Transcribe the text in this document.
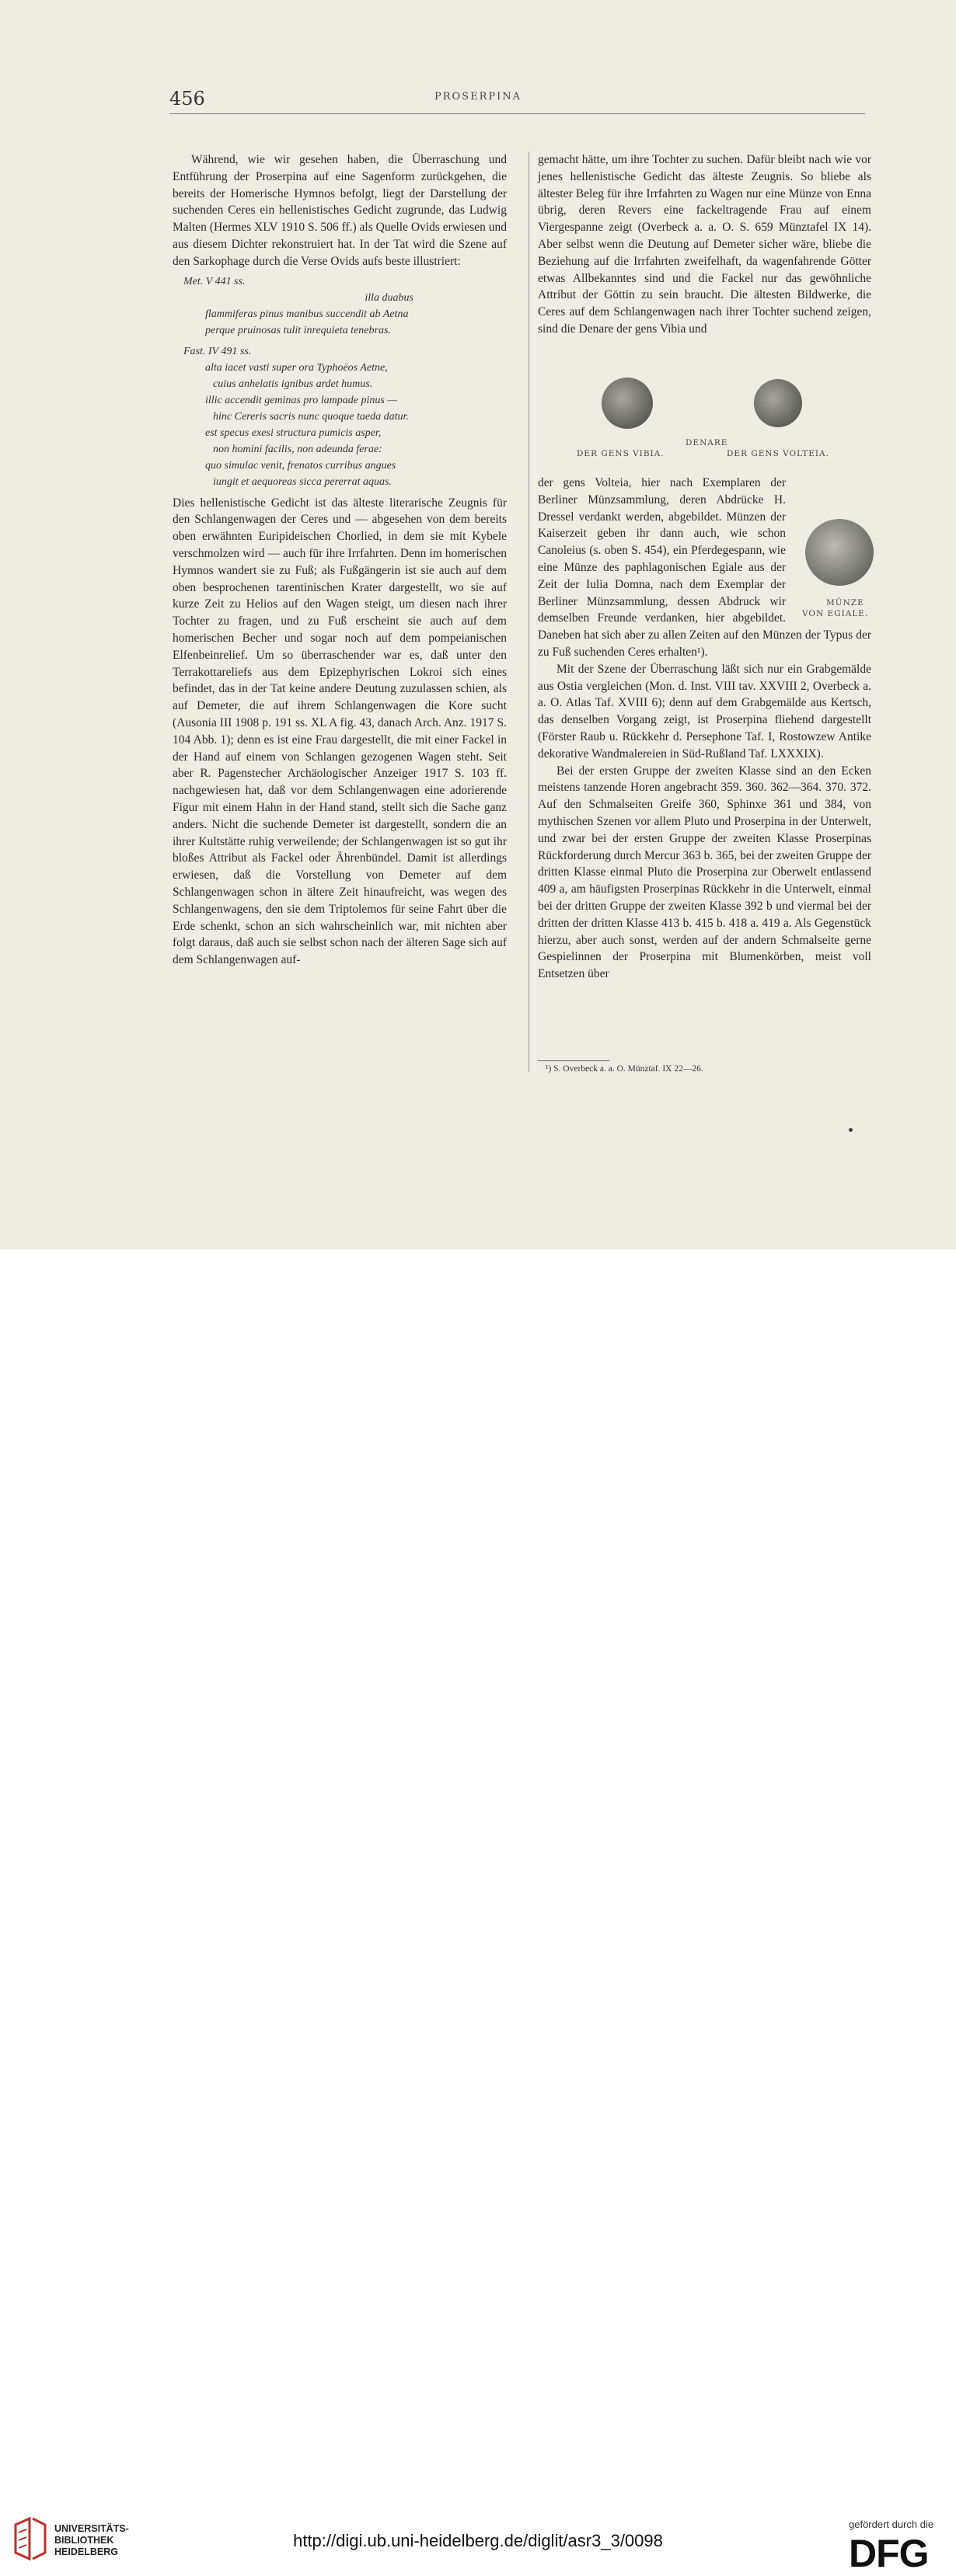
456	PROSERPINA

Während, wie wir gesehen haben, die Überraschung und Entführung der Proserpina auf eine Sagenform zurückgehen, die bereits der Homerische Hymnos befolgt, liegt der Darstellung der suchenden Ceres ein hellenistisches Gedicht zugrunde, das Ludwig Malten (Hermes XLV 1910 S. 506 ff.) als Quelle Ovids erwiesen und aus diesem Dichter rekonstruiert hat. In der Tat wird die Szene auf den Sarkophage durch die Verse Ovids aufs beste illustriert:

Met. V 441 ss.
illa duabus
flammiferas pinus manibus succendit ab Aetna
perque pruinosas tulit inrequieta tenebras.
Fast. IV 491 ss.
alta iacet vasti super ora Typhoëos Aetne,
cuius anhelatis ignibus ardet humus.
illic accendit geminas pro lampade pinus —
hinc Cereris sacris nunc quoque taeda datur.
est specus exesi structura pumicis asper,
non homini facilis, non adeunda ferae:
quo simulac venit, frenatos curribus angues
iungit et aequoreas sicca pererrat aquas.

Dies hellenistische Gedicht ist das älteste literarische Zeugnis für den Schlangenwagen der Ceres und — abgesehen von dem bereits oben erwähnten Euripideischen Chorlied, in dem sie mit Kybele verschmolzen wird — auch für ihre Irrfahrten. Denn im homerischen Hymnos wandert sie zu Fuß; als Fußgängerin ist sie auch auf dem oben besprochenen tarentinischen Krater dargestellt, wo sie auf kurze Zeit zu Helios auf den Wagen steigt, um diesen nach ihrer Tochter zu fragen, und zu Fuß erscheint sie auch auf dem homerischen Becher und sogar noch auf dem pompeianischen Elfenbeinrelief. Um so überraschender war es, daß unter den Terrakottareliefs aus dem Epizephyrischen Lokroi sich eines befindet, das in der Tat keine andere Deutung zuzulassen schien, als auf Demeter, die auf ihrem Schlangenwagen die Kore sucht (Ausonia III 1908 p. 191 ss. XL A fig. 43, danach Arch. Anz. 1917 S. 104 Abb. 1); denn es ist eine Frau dargestellt, die mit einer Fackel in der Hand auf einem von Schlangen gezogenen Wagen steht. Seit aber R. Pagenstecher Archäologischer Anzeiger 1917 S. 103 ff. nachgewiesen hat, daß vor dem Schlangenwagen eine adorierende Figur mit einem Hahn in der Hand stand, stellt sich die Sache ganz anders. Nicht die suchende Demeter ist dargestellt, sondern die an ihrer Kultstätte ruhig verweilende; der Schlangenwagen ist so gut ihr bloßes Attribut als Fackel oder Ährenbündel. Damit ist allerdings erwiesen, daß die Vorstellung von Demeter auf dem Schlangenwagen schon in ältere Zeit hinaufreicht, was wegen des Schlangenwagens, den sie dem Triptolemos für seine Fahrt über die Erde schenkt, schon an sich wahrscheinlich war, mit nichten aber folgt daraus, daß auch sie selbst schon nach der älteren Sage sich auf dem Schlangenwagen auf-

gemacht hätte, um ihre Tochter zu suchen. Dafür bleibt nach wie vor jenes hellenistische Gedicht das älteste Zeugnis. So bliebe als ältester Beleg für ihre Irrfahrten zu Wagen nur eine Münze von Enna übrig, deren Revers eine fackeltragende Frau auf einem Viergespanne zeigt (Overbeck a. a. O. S. 659 Münztafel IX 14). Aber selbst wenn die Deutung auf Demeter sicher wäre, bliebe die Beziehung auf die Irrfahrten zweifelhaft, da wagenfahrende Götter etwas Allbekanntes sind und die Fackel nur das gewöhnliche Attribut der Göttin zu sein braucht. Die ältesten Bildwerke, die Ceres auf dem Schlangenwagen nach ihrer Tochter suchend zeigen, sind die Denare der gens Vibia und

DENARE
DER GENS VIBIA.	DER GENS VOLTEIA.

der gens Volteia, hier nach Exemplaren der Berliner Münzsammlung, deren Abdrücke H. Dressel verdankt werden, abgebildet. Münzen der Kaiserzeit geben ihr dann auch, wie schon Canoleius (s. oben S. 454), ein Pferdegespann, wie eine Münze des paphlagonischen Egiale aus der Zeit der Iulia Domna, nach dem Exemplar der Berliner Münzsammlung, dessen Abdruck wir demselben Freunde verdanken, hier abgebildet. Daneben hat sich aber zu allen Zeiten auf den Münzen der Typus der zu Fuß suchenden Ceres erhalten¹).

Mit der Szene der Überraschung läßt sich nur ein Grabgemälde aus Ostia vergleichen (Mon. d. Inst. VIII tav. XXVIII 2, Overbeck a. a. O. Atlas Taf. XVIII 6); denn auf dem Grabgemälde aus Kertsch, das denselben Vorgang zeigt, ist Proserpina fliehend dargestellt (Förster Raub u. Rückkehr d. Persephone Taf. I, Rostowzew Antike dekorative Wandmalereien in Süd-Rußland Taf. LXXXIX).

Bei der ersten Gruppe der zweiten Klasse sind an den Ecken meistens tanzende Horen angebracht 359. 360. 362—364. 370. 372. Auf den Schmalseiten Greife 360, Sphinxe 361 und 384, von mythischen Szenen vor allem Pluto und Proserpina in der Unterwelt, und zwar bei der ersten Gruppe der zweiten Klasse Proserpinas Rückforderung durch Mercur 363 b. 365, bei der zweiten Gruppe der dritten Klasse einmal Pluto die Proserpina zur Oberwelt entlassend 409 a, am häufigsten Proserpinas Rückkehr in die Unterwelt, einmal bei der dritten Gruppe der zweiten Klasse 392 b und viermal bei der dritten der dritten Klasse 413 b. 415 b. 418 a. 419 a. Als Gegenstück hierzu, aber auch sonst, werden auf der andern Schmalseite gerne Gespielinnen der Proserpina mit Blumenkörben, meist voll Entsetzen über

MÜNZE
VON EGIALE.
¹) S. Overbeck a. a. O. Münztaf. IX 22—26.
UNIVERSITÄTS-
BIBLIOTHEK
HEIDELBERG
http://digi.ub.uni-heidelberg.de/diglit/asr3_3/0098
gefördert durch die
DFG
